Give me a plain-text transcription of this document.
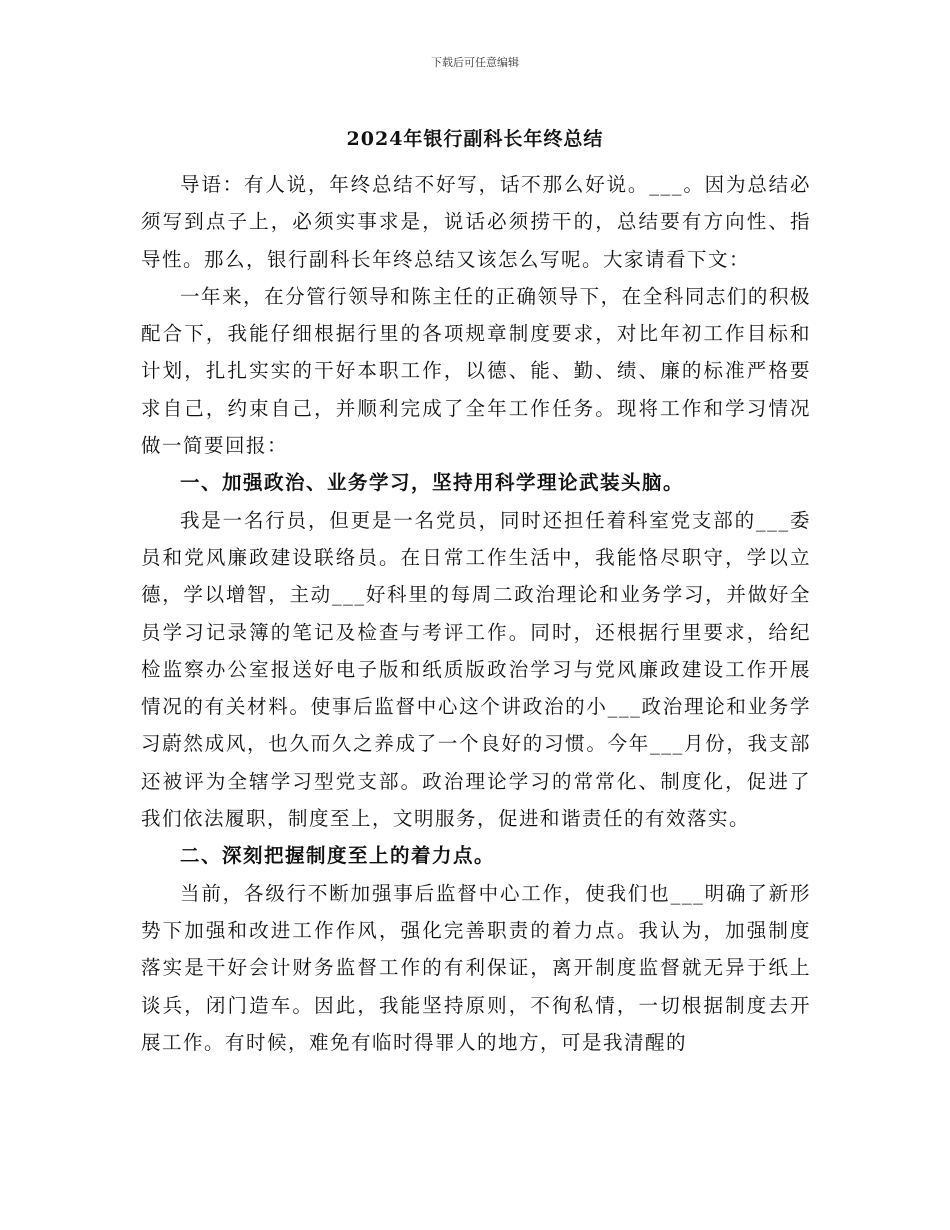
下载后可任意编辑
2024年银行副科长年终总结

导语：有人说，年终总结不好写，话不那么好说。___。因为总结必须写到点子上，必须实事求是，说话必须捞干的，总结要有方向性、指导性。那么，银行副科长年终总结又该怎么写呢。大家请看下文：

一年来，在分管行领导和陈主任的正确领导下，在全科同志们的积极配合下，我能仔细根据行里的各项规章制度要求，对比年初工作目标和计划，扎扎实实的干好本职工作，以德、能、勤、绩、廉的标准严格要求自己，约束自己，并顺利完成了全年工作任务。现将工作和学习情况做一简要回报：

一、加强政治、业务学习，坚持用科学理论武装头脑。

我是一名行员，但更是一名党员，同时还担任着科室党支部的___委员和党风廉政建设联络员。在日常工作生活中，我能恪尽职守，学以立德，学以增智，主动___好科里的每周二政治理论和业务学习，并做好全员学习记录簿的笔记及检查与考评工作。同时，还根据行里要求，给纪检监察办公室报送好电子版和纸质版政治学习与党风廉政建设工作开展情况的有关材料。使事后监督中心这个讲政治的小___政治理论和业务学习蔚然成风，也久而久之养成了一个良好的习惯。今年___月份，我支部还被评为全辖学习型党支部。政治理论学习的常常化、制度化，促进了我们依法履职，制度至上，文明服务，促进和谐责任的有效落实。

二、深刻把握制度至上的着力点。

当前，各级行不断加强事后监督中心工作，使我们也___明确了新形势下加强和改进工作作风，强化完善职责的着力点。我认为，加强制度落实是干好会计财务监督工作的有利保证，离开制度监督就无异于纸上谈兵，闭门造车。因此，我能坚持原则，不徇私情，一切根据制度去开展工作。有时候，难免有临时得罪人的地方，可是我清醒的
